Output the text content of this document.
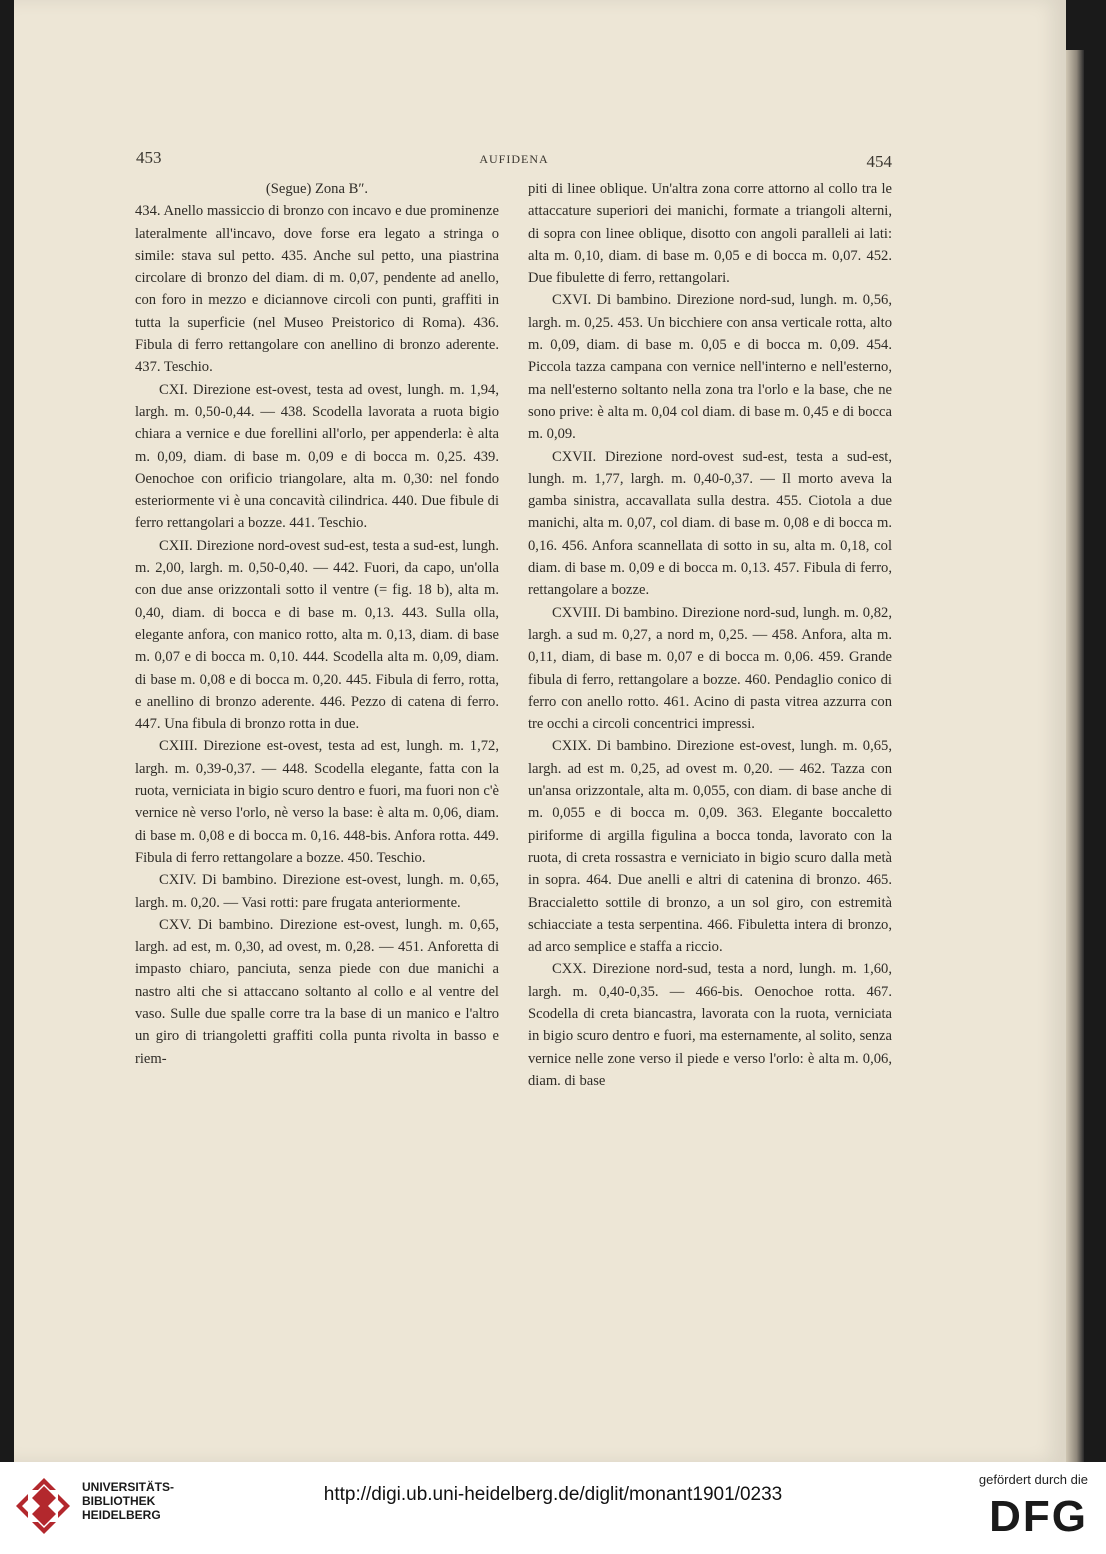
453	AUFIDENA	454

(Segue) Zona B″.

434. Anello massiccio di bronzo con incavo e due prominenze lateralmente all'incavo, dove forse era legato a stringa o simile: stava sul petto. 435. Anche sul petto, una piastrina circolare di bronzo del diam. di m. 0,07, pendente ad anello, con foro in mezzo e diciannove circoli con punti, graffiti in tutta la superficie (nel Museo Preistorico di Roma). 436. Fibula di ferro rettangolare con anellino di bronzo aderente. 437. Teschio.

CXI. Direzione est-ovest, testa ad ovest, lungh. m. 1,94, largh. m. 0,50-0,44. — 438. Scodella lavorata a ruota bigio chiara a vernice e due forellini all'orlo, per appenderla: è alta m. 0,09, diam. di base m. 0,09 e di bocca m. 0,25. 439. Oenochoe con orificio triangolare, alta m. 0,30: nel fondo esteriormente vi è una concavità cilindrica. 440. Due fibule di ferro rettangolari a bozze. 441. Teschio.

CXII. Direzione nord-ovest sud-est, testa a sud-est, lungh. m. 2,00, largh. m. 0,50-0,40. — 442. Fuori, da capo, un'olla con due anse orizzontali sotto il ventre (= fig. 18 b), alta m. 0,40, diam. di bocca e di base m. 0,13. 443. Sulla olla, elegante anfora, con manico rotto, alta m. 0,13, diam. di base m. 0,07 e di bocca m. 0,10. 444. Scodella alta m. 0,09, diam. di base m. 0,08 e di bocca m. 0,20. 445. Fibula di ferro, rotta, e anellino di bronzo aderente. 446. Pezzo di catena di ferro. 447. Una fibula di bronzo rotta in due.

CXIII. Direzione est-ovest, testa ad est, lungh. m. 1,72, largh. m. 0,39-0,37. — 448. Scodella elegante, fatta con la ruota, verniciata in bigio scuro dentro e fuori, ma fuori non c'è vernice nè verso l'orlo, nè verso la base: è alta m. 0,06, diam. di base m. 0,08 e di bocca m. 0,16. 448-bis. Anfora rotta. 449. Fibula di ferro rettangolare a bozze. 450. Teschio.

CXIV. Di bambino. Direzione est-ovest, lungh. m. 0,65, largh. m. 0,20. — Vasi rotti: pare frugata anteriormente.

CXV. Di bambino. Direzione est-ovest, lungh. m. 0,65, largh. ad est, m. 0,30, ad ovest, m. 0,28. — 451. Anforetta di impasto chiaro, panciuta, senza piede con due manichi a nastro alti che si attaccano soltanto al collo e al ventre del vaso. Sulle due spalle corre tra la base di un manico e l'altro un giro di triangoletti graffiti colla punta rivolta in basso e riem-

piti di linee oblique. Un'altra zona corre attorno al collo tra le attaccature superiori dei manichi, formate a triangoli alterni, di sopra con linee oblique, disotto con angoli paralleli ai lati: alta m. 0,10, diam. di base m. 0,05 e di bocca m. 0,07. 452. Due fibulette di ferro, rettangolari.

CXVI. Di bambino. Direzione nord-sud, lungh. m. 0,56, largh. m. 0,25. 453. Un bicchiere con ansa verticale rotta, alto m. 0,09, diam. di base m. 0,05 e di bocca m. 0,09. 454. Piccola tazza campana con vernice nell'interno e nell'esterno, ma nell'esterno soltanto nella zona tra l'orlo e la base, che ne sono prive: è alta m. 0,04 col diam. di base m. 0,45 e di bocca m. 0,09.

CXVII. Direzione nord-ovest sud-est, testa a sud-est, lungh. m. 1,77, largh. m. 0,40-0,37. — Il morto aveva la gamba sinistra, accavallata sulla destra. 455. Ciotola a due manichi, alta m. 0,07, col diam. di base m. 0,08 e di bocca m. 0,16. 456. Anfora scannellata di sotto in su, alta m. 0,18, col diam. di base m. 0,09 e di bocca m. 0,13. 457. Fibula di ferro, rettangolare a bozze.

CXVIII. Di bambino. Direzione nord-sud, lungh. m. 0,82, largh. a sud m. 0,27, a nord m, 0,25. — 458. Anfora, alta m. 0,11, diam, di base m. 0,07 e di bocca m. 0,06. 459. Grande fibula di ferro, rettangolare a bozze. 460. Pendaglio conico di ferro con anello rotto. 461. Acino di pasta vitrea azzurra con tre occhi a circoli concentrici impressi.

CXIX. Di bambino. Direzione est-ovest, lungh. m. 0,65, largh. ad est m. 0,25, ad ovest m. 0,20. — 462. Tazza con un'ansa orizzontale, alta m. 0,055, con diam. di base anche di m. 0,055 e di bocca m. 0,09. 363. Elegante boccaletto piriforme di argilla figulina a bocca tonda, lavorato con la ruota, di creta rossastra e verniciato in bigio scuro dalla metà in sopra. 464. Due anelli e altri di catenina di bronzo. 465. Braccialetto sottile di bronzo, a un sol giro, con estremità schiacciate a testa serpentina. 466. Fibuletta intera di bronzo, ad arco semplice e staffa a riccio.

CXX. Direzione nord-sud, testa a nord, lungh. m. 1,60, largh. m. 0,40-0,35. — 466-bis. Oenochoe rotta. 467. Scodella di creta biancastra, lavorata con la ruota, verniciata in bigio scuro dentro e fuori, ma esternamente, al solito, senza vernice nelle zone verso il piede e verso l'orlo: è alta m. 0,06, diam. di base

UNIVERSITÄTS-
BIBLIOTHEK
HEIDELBERG
http://digi.ub.uni-heidelberg.de/diglit/monant1901/0233
gefördert durch die
DFG
